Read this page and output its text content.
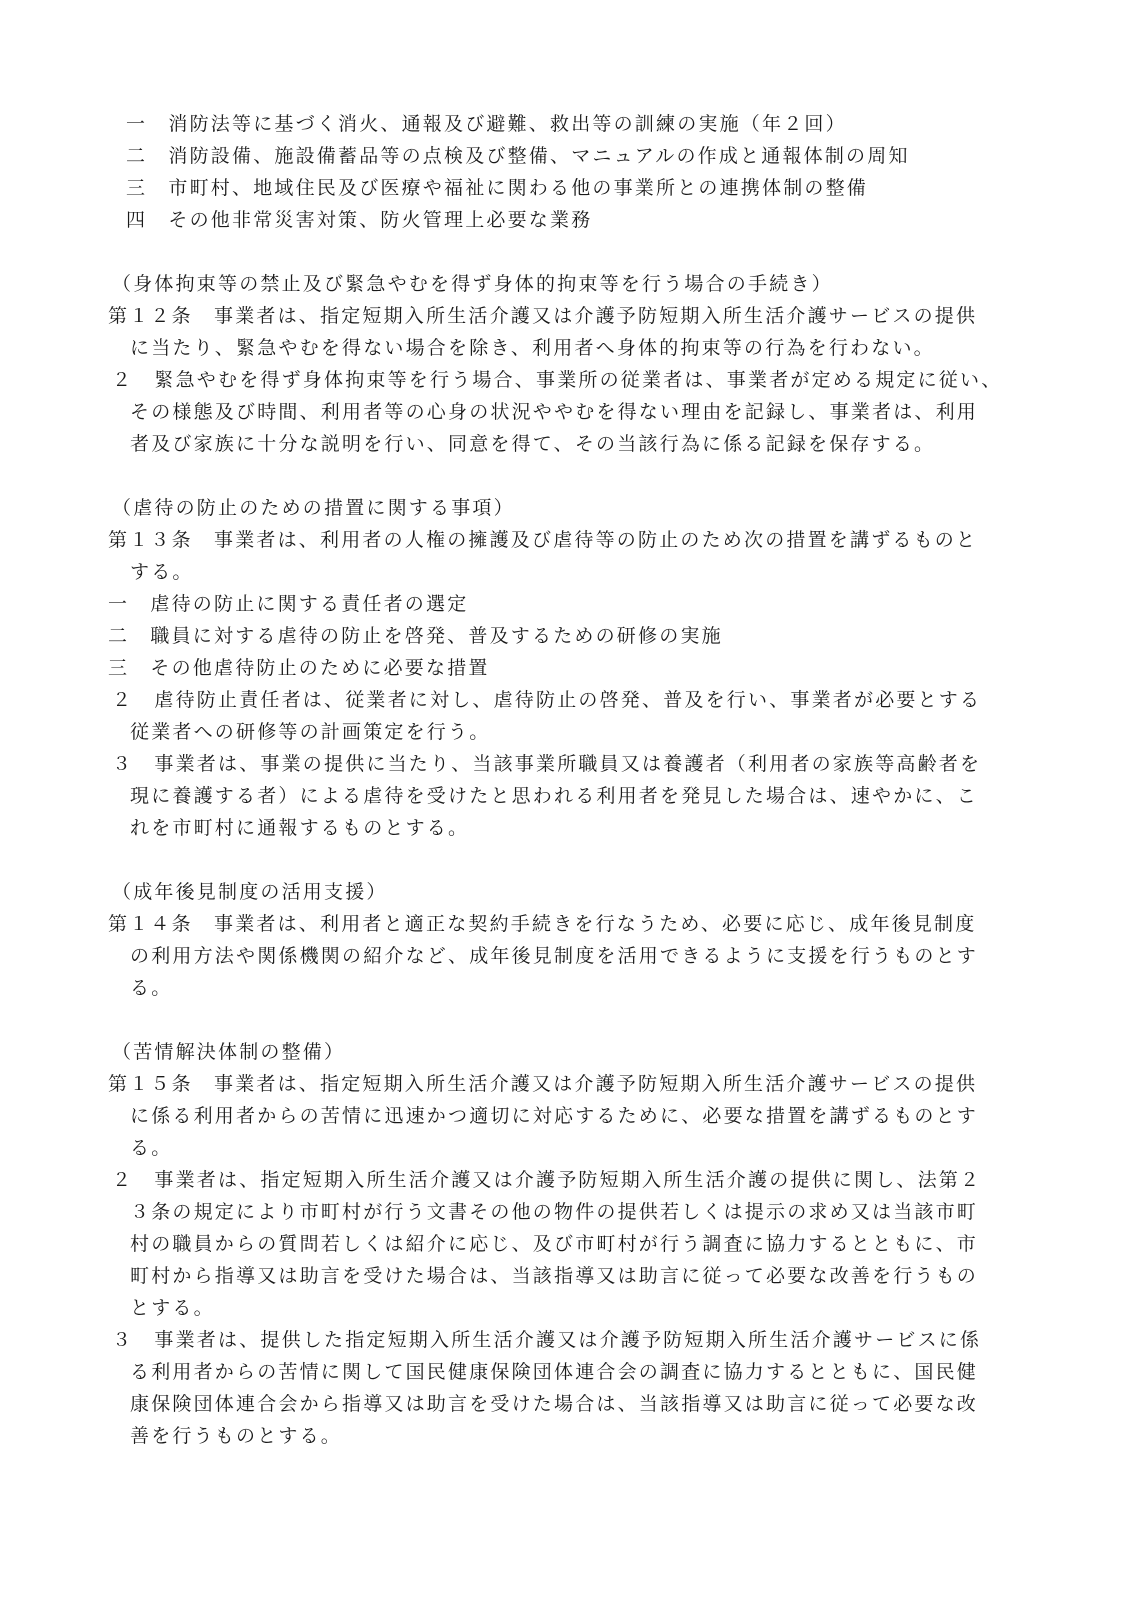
一　消防法等に基づく消火、通報及び避難、救出等の訓練の実施（年２回）
二　消防設備、施設備蓄品等の点検及び整備、マニュアルの作成と通報体制の周知
三　市町村、地域住民及び医療や福祉に関わる他の事業所との連携体制の整備
四　その他非常災害対策、防火管理上必要な業務
（身体拘束等の禁止及び緊急やむを得ず身体的拘束等を行う場合の手続き）
第１２条　事業者は、指定短期入所生活介護又は介護予防短期入所生活介護サービスの提供
に当たり、緊急やむを得ない場合を除き、利用者へ身体的拘束等の行為を行わない。
２　緊急やむを得ず身体拘束等を行う場合、事業所の従業者は、事業者が定める規定に従い、
その様態及び時間、利用者等の心身の状況ややむを得ない理由を記録し、事業者は、利用
者及び家族に十分な説明を行い、同意を得て、その当該行為に係る記録を保存する。
（虐待の防止のための措置に関する事項）
第１３条　事業者は、利用者の人権の擁護及び虐待等の防止のため次の措置を講ずるものと
する。
一　虐待の防止に関する責任者の選定
二　職員に対する虐待の防止を啓発、普及するための研修の実施
三　その他虐待防止のために必要な措置
２　虐待防止責任者は、従業者に対し、虐待防止の啓発、普及を行い、事業者が必要とする
従業者への研修等の計画策定を行う。
３　事業者は、事業の提供に当たり、当該事業所職員又は養護者（利用者の家族等高齢者を
現に養護する者）による虐待を受けたと思われる利用者を発見した場合は、速やかに、こ
れを市町村に通報するものとする。
（成年後見制度の活用支援）
第１４条　事業者は、利用者と適正な契約手続きを行なうため、必要に応じ、成年後見制度
の利用方法や関係機関の紹介など、成年後見制度を活用できるように支援を行うものとす
る。
（苦情解決体制の整備）
第１５条　事業者は、指定短期入所生活介護又は介護予防短期入所生活介護サービスの提供
に係る利用者からの苦情に迅速かつ適切に対応するために、必要な措置を講ずるものとす
る。
２　事業者は、指定短期入所生活介護又は介護予防短期入所生活介護の提供に関し、法第２
３条の規定により市町村が行う文書その他の物件の提供若しくは提示の求め又は当該市町
村の職員からの質問若しくは紹介に応じ、及び市町村が行う調査に協力するとともに、市
町村から指導又は助言を受けた場合は、当該指導又は助言に従って必要な改善を行うもの
とする。
３　事業者は、提供した指定短期入所生活介護又は介護予防短期入所生活介護サービスに係
る利用者からの苦情に関して国民健康保険団体連合会の調査に協力するとともに、国民健
康保険団体連合会から指導又は助言を受けた場合は、当該指導又は助言に従って必要な改
善を行うものとする。
